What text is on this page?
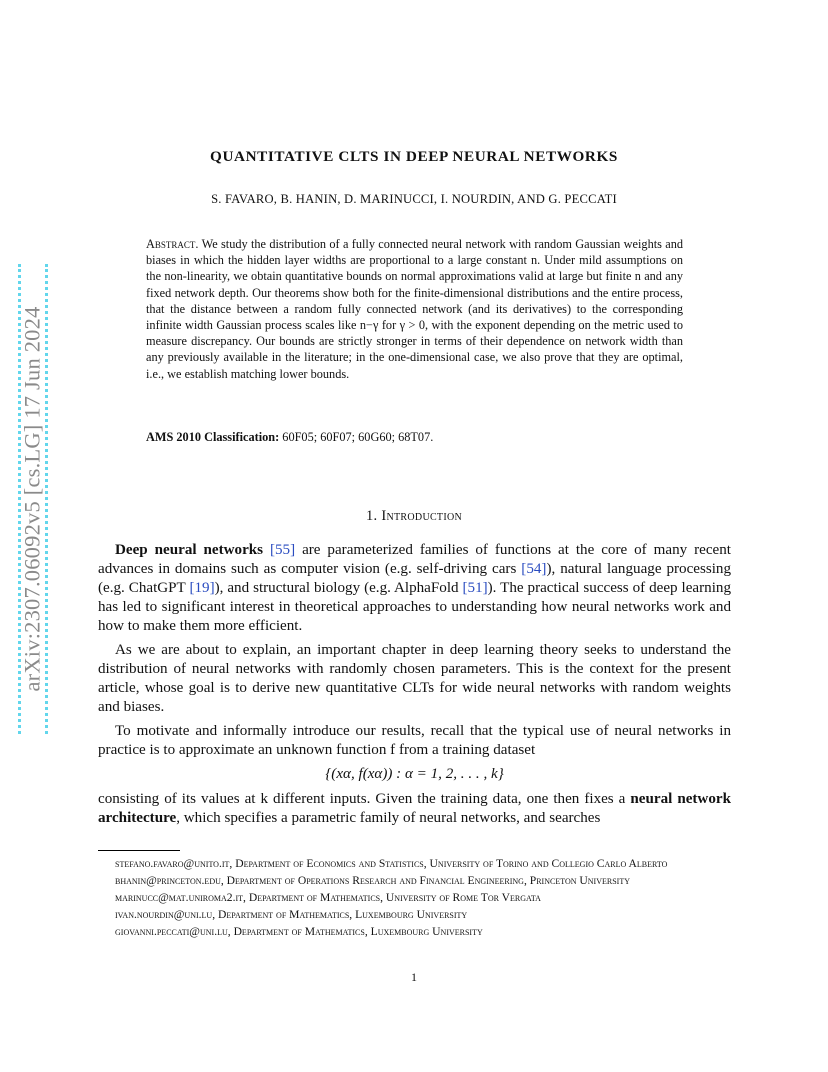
arXiv:2307.06092v5 [cs.LG] 17 Jun 2024
QUANTITATIVE CLTS IN DEEP NEURAL NETWORKS
S. FAVARO, B. HANIN, D. MARINUCCI, I. NOURDIN, AND G. PECCATI
Abstract. We study the distribution of a fully connected neural network with random Gaussian weights and biases in which the hidden layer widths are proportional to a large constant n. Under mild assumptions on the non-linearity, we obtain quantitative bounds on normal approximations valid at large but finite n and any fixed network depth. Our theorems show both for the finite-dimensional distributions and the entire process, that the distance between a random fully connected network (and its derivatives) to the corresponding infinite width Gaussian process scales like n−γ for γ > 0, with the exponent depending on the metric used to measure discrepancy. Our bounds are strictly stronger in terms of their dependence on network width than any previously available in the literature; in the one-dimensional case, we also prove that they are optimal, i.e., we establish matching lower bounds.
AMS 2010 Classification: 60F05; 60F07; 60G60; 68T07.
1. Introduction

Deep neural networks [55] are parameterized families of functions at the core of many recent advances in domains such as computer vision (e.g. self-driving cars [54]), natural language processing (e.g. ChatGPT [19]), and structural biology (e.g. AlphaFold [51]). The practical success of deep learning has led to significant interest in theoretical approaches to understanding how neural networks work and how to make them more efficient.

As we are about to explain, an important chapter in deep learning theory seeks to understand the distribution of neural networks with randomly chosen parameters. This is the context for the present article, whose goal is to derive new quantitative CLTs for wide neural networks with random weights and biases.

To motivate and informally introduce our results, recall that the typical use of neural networks in practice is to approximate an unknown function f from a training dataset

{(xα, f(xα)) : α = 1, 2, . . . , k}

consisting of its values at k different inputs. Given the training data, one then fixes a neural network architecture, which specifies a parametric family of neural networks, and searches

stefano.favaro@unito.it, Department of Economics and Statistics, University of Torino and Collegio Carlo Alberto
bhanin@princeton.edu, Department of Operations Research and Financial Engineering, Princeton University
marinucc@mat.uniroma2.it, Department of Mathematics, University of Rome Tor Vergata
ivan.nourdin@uni.lu, Department of Mathematics, Luxembourg University
giovanni.peccati@uni.lu, Department of Mathematics, Luxembourg University
1
